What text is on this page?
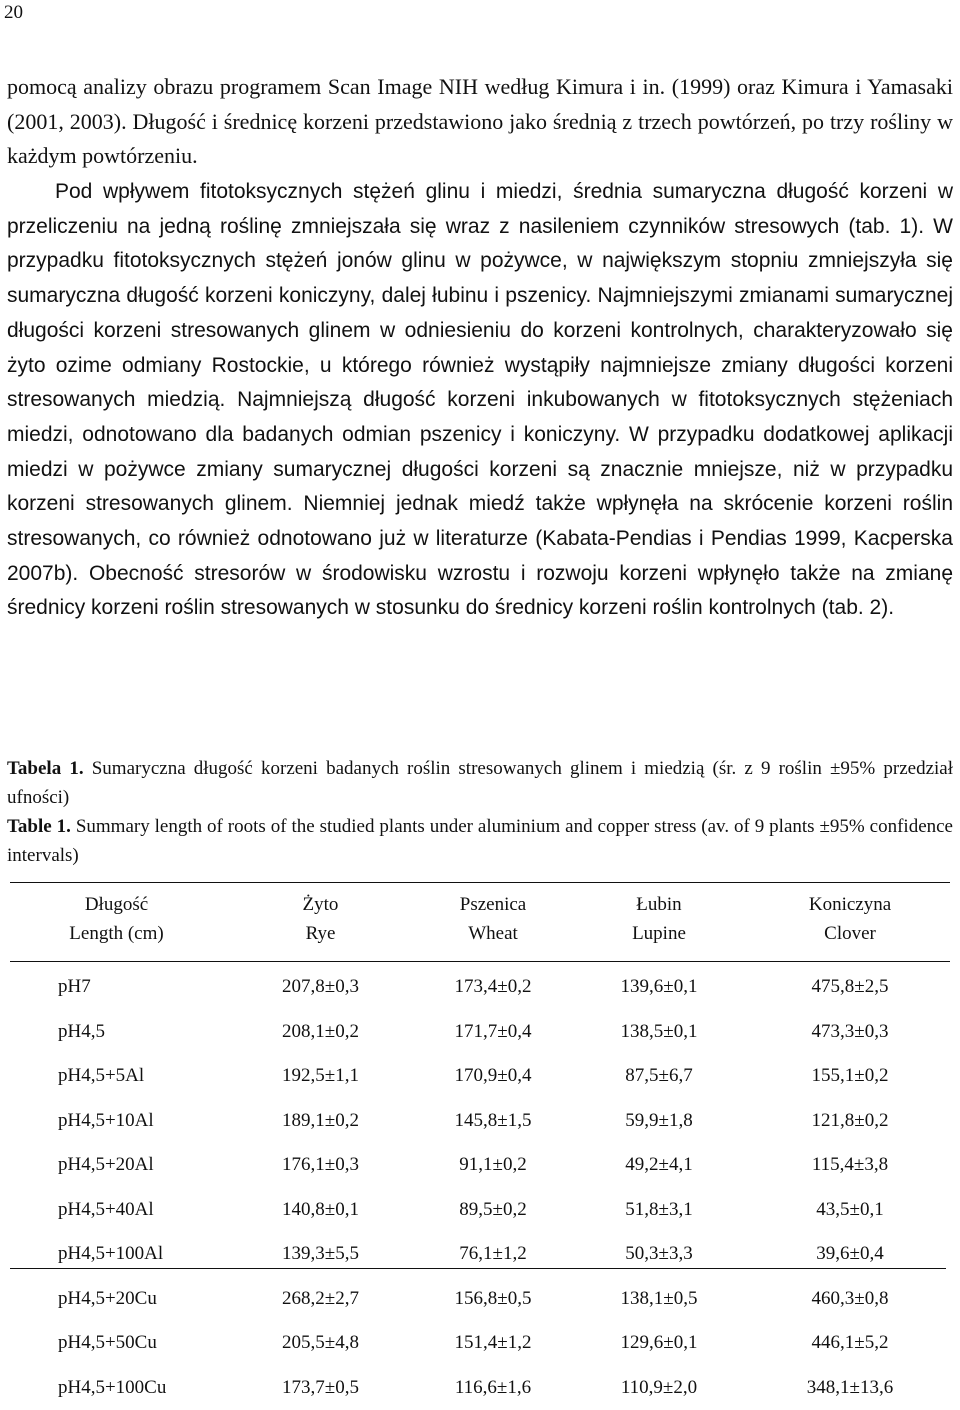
20

pomocą analizy obrazu programem Scan Image NIH według Kimura i in. (1999) oraz Kimura i Yamasaki (2001, 2003). Długość i średnicę korzeni przedstawiono jako średnią z trzech powtórzeń, po trzy rośliny w każdym powtórzeniu.

Pod wpływem fitotoksycznych stężeń glinu i miedzi, średnia sumaryczna długość korzeni w przeliczeniu na jedną roślinę zmniejszała się wraz z nasileniem czynników stresowych (tab. 1). W przypadku fitotoksycznych stężeń jonów glinu w pożywce, w największym stopniu zmniejszyła się sumaryczna długość korzeni koniczyny, dalej łubinu i pszenicy. Najmniejszymi zmianami sumarycznej długości korzeni stresowanych glinem w odniesieniu do korzeni kontrolnych, charakteryzowało się żyto ozime odmiany Rostockie, u którego również wystąpiły najmniejsze zmiany długości korzeni stresowanych miedzią. Najmniejszą długość korzeni inkubowanych w fitotoksycznych stężeniach miedzi, odnotowano dla badanych odmian pszenicy i koniczyny. W przypadku dodatkowej aplikacji miedzi w pożywce zmiany sumarycznej długości korzeni są znacznie mniejsze, niż w przypadku korzeni stresowanych glinem. Niemniej jednak miedź także wpłynęła na skrócenie korzeni roślin stresowanych, co również odnotowano już w literaturze (Kabata-Pendias i Pendias 1999, Kacperska 2007b). Obecność stresorów w środowisku wzrostu i rozwoju korzeni wpłynęło także na zmianę średnicy korzeni roślin stresowanych w stosunku do średnicy korzeni roślin kontrolnych (tab. 2).

Tabela 1. Sumaryczna długość korzeni badanych roślin stresowanych glinem i miedzią (śr. z 9 roślin ±95% przedział ufności)

Table 1. Summary length of roots of the studied plants under aluminium and copper stress (av. of 9 plants ±95% confidence intervals)

Długość	Żyto	Pszenica	Łubin	Koniczyna
Length (cm)	Rye	Wheat	Lupine	Clover

pH7	207,8±0,3	173,4±0,2	139,6±0,1	475,8±2,5
pH4,5	208,1±0,2	171,7±0,4	138,5±0,1	473,3±0,3
pH4,5+5Al	192,5±1,1	170,9±0,4	87,5±6,7	155,1±0,2
pH4,5+10Al	189,1±0,2	145,8±1,5	59,9±1,8	121,8±0,2
pH4,5+20Al	176,1±0,3	91,1±0,2	49,2±4,1	115,4±3,8
pH4,5+40Al	140,8±0,1	89,5±0,2	51,8±3,1	43,5±0,1
pH4,5+100Al	139,3±5,5	76,1±1,2	50,3±3,3	39,6±0,4
pH4,5+20Cu	268,2±2,7	156,8±0,5	138,1±0,5	460,3±0,8
pH4,5+50Cu	205,5±4,8	151,4±1,2	129,6±0,1	446,1±5,2
pH4,5+100Cu	173,7±0,5	116,6±1,6	110,9±2,0	348,1±13,6
